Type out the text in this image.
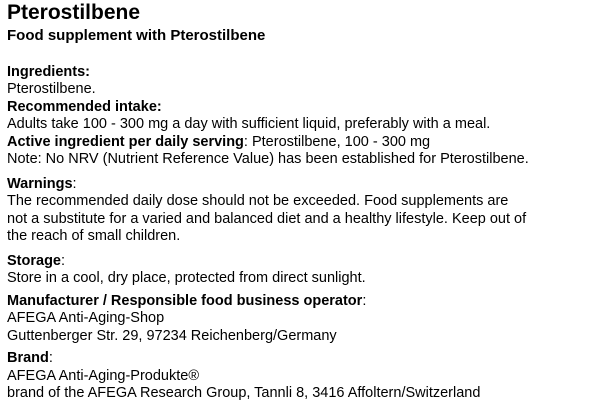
Pterostilbene
Food supplement with Pterostilbene
Ingredients:
Pterostilbene.
Recommended intake:
Adults take 100 - 300 mg a day with sufficient liquid, preferably with a meal.
Active ingredient per daily serving: Pterostilbene, 100 - 300 mg
Note: No NRV (Nutrient Reference Value) has been established for Pterostilbene.
Warnings:
The recommended daily dose should not be exceeded. Food supplements are
not a substitute for a varied and balanced diet and a healthy lifestyle. Keep out of
the reach of small children.
Storage:
Store in a cool, dry place, protected from direct sunlight.
Manufacturer / Responsible food business operator:
AFEGA Anti-Aging-Shop
Guttenberger Str. 29, 97234 Reichenberg/Germany
Brand:
AFEGA Anti-Aging-Produkte®
brand of the AFEGA Research Group, Tannli 8, 3416 Affoltern/Switzerland
